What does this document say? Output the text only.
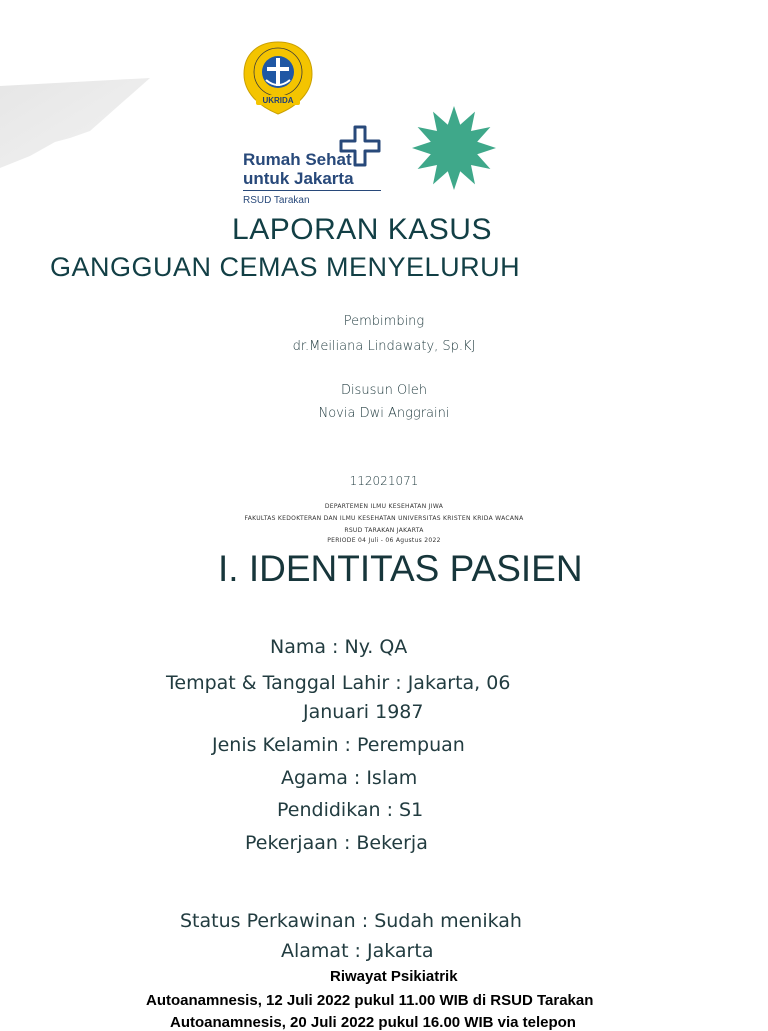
UKRIDA
Rumah Sehat
untuk Jakarta
RSUD Tarakan
LAPORAN KASUS
GANGGUAN CEMAS MENYELURUH
Pembimbing
dr.Meiliana Lindawaty, Sp.KJ
Disusun Oleh
Novia Dwi Anggraini
112021071
DEPARTEMEN ILMU KESEHATAN JIWA
FAKULTAS KEDOKTERAN DAN ILMU KESEHATAN UNIVERSITAS KRISTEN KRIDA WACANA
RSUD TARAKAN JAKARTA
PERIODE 04 Juli - 06 Agustus 2022
I. IDENTITAS PASIEN
Nama : Ny. QA
Tempat & Tanggal Lahir : Jakarta, 06
Januari 1987
Jenis Kelamin : Perempuan
Agama : Islam
Pendidikan : S1
Pekerjaan : Bekerja
Status Perkawinan : Sudah menikah
Alamat : Jakarta
Riwayat Psikiatrik
Autoanamnesis, 12 Juli 2022 pukul 11.00 WIB di RSUD Tarakan
Autoanamnesis, 20 Juli 2022 pukul 16.00 WIB via telepon
